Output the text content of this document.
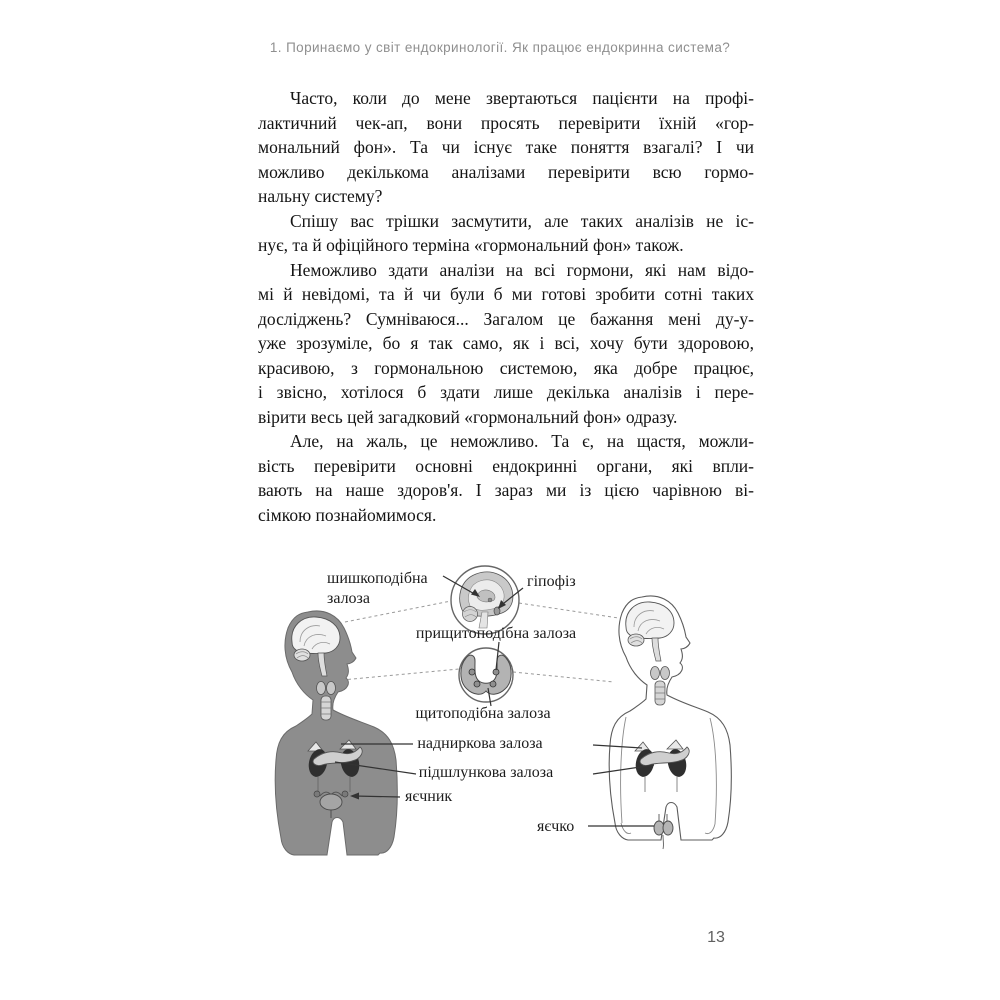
1. Поринаємо у світ ендокринології. Як працює ендокринна система?
Часто, коли до мене звертаються пацієнти на профі-
лактичний чек-ап, вони просять перевірити їхній «гор-
мональний фон». Та чи існує таке поняття взагалі? І чи
можливо декількома аналізами перевірити всю гормо-
нальну систему?
Спішу вас трішки засмутити, але таких аналізів не іс-
нує, та й офіційного терміна «гормональний фон» також.
Неможливо здати аналізи на всі гормони, які нам відо-
мі й невідомі, та й чи були б ми готові зробити сотні таких
досліджень? Сумніваюся... Загалом це бажання мені ду-у-
уже зрозуміле, бо я так само, як і всі, хочу бути здоровою,
красивою, з гормональною системою, яка добре працює,
і звісно, хотілося б здати лише декілька аналізів і пере-
вірити весь цей загадковий «гормональний фон» одразу.
Але, на жаль, це неможливо. Та є, на щастя, можли-
вість перевірити основні ендокринні органи, які впли-
вають на наше здоров'я. І зараз ми із цією чарівною ві-
сімкою познайомимося.
шишкоподібна
залоза
гіпофіз
прищитоподібна залоза
щитоподібна залоза
надниркова залоза
підшлункова залоза
яєчник
яєчко
13
